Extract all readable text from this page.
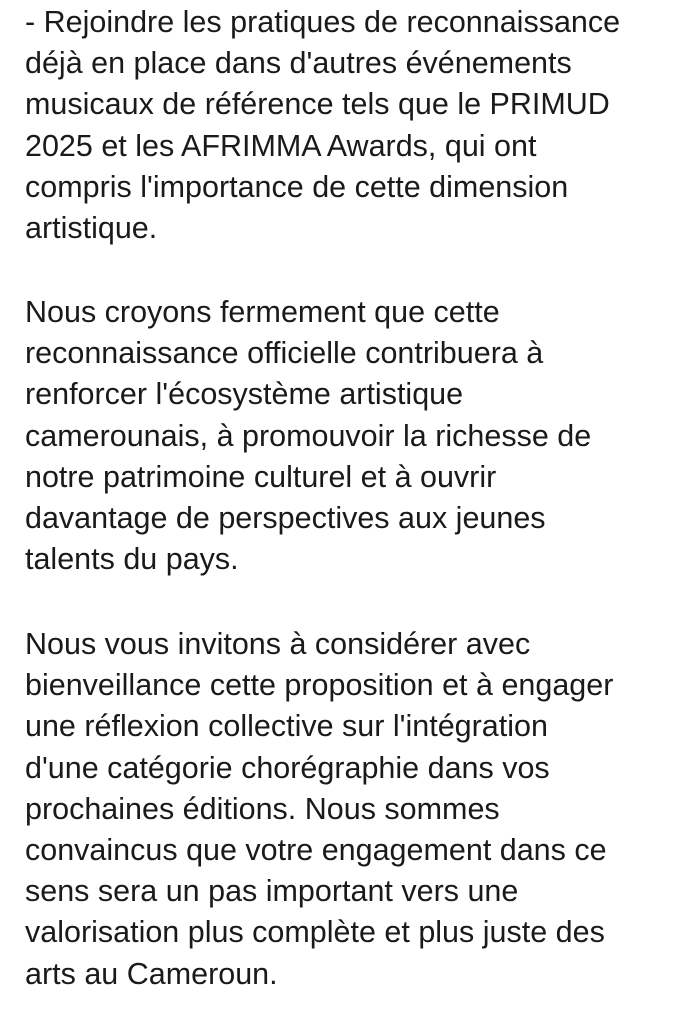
- Rejoindre les pratiques de reconnaissance
déjà en place dans d'autres événements
musicaux de référence tels que le PRIMUD
2025 et les AFRIMMA Awards, qui ont
compris l'importance de cette dimension
artistique.

Nous croyons fermement que cette
reconnaissance officielle contribuera à
renforcer l'écosystème artistique
camerounais, à promouvoir la richesse de
notre patrimoine culturel et à ouvrir
davantage de perspectives aux jeunes
talents du pays.

Nous vous invitons à considérer avec
bienveillance cette proposition et à engager
une réflexion collective sur l'intégration
d'une catégorie chorégraphie dans vos
prochaines éditions. Nous sommes
convaincus que votre engagement dans ce
sens sera un pas important vers une
valorisation plus complète et plus juste des
arts au Cameroun.
